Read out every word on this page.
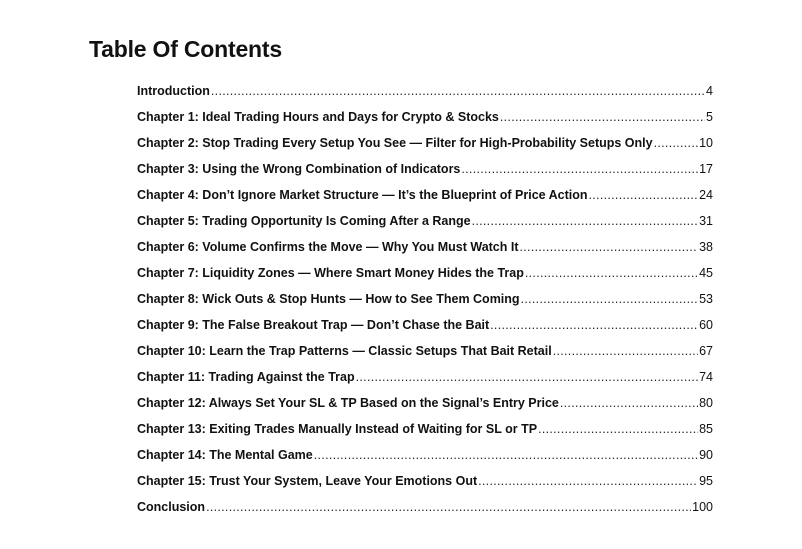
Table Of Contents
Introduction .....	4
Chapter 1: Ideal Trading Hours and Days for Crypto & Stocks .....	5
Chapter 2: Stop Trading Every Setup You See — Filter for High-Probability Setups Only .....	10
Chapter 3: Using the Wrong Combination of Indicators .....	17
Chapter 4: Don’t Ignore Market Structure — It’s the Blueprint of Price Action .....	24
Chapter 5: Trading Opportunity Is Coming After a Range .....	31
Chapter 6: Volume Confirms the Move — Why You Must Watch It .....	38
Chapter 7: Liquidity Zones — Where Smart Money Hides the Trap .....	45
Chapter 8: Wick Outs & Stop Hunts — How to See Them Coming .....	53
Chapter 9: The False Breakout Trap — Don’t Chase the Bait .....	60
Chapter 10: Learn the Trap Patterns — Classic Setups That Bait Retail .....	67
Chapter 11: Trading Against the Trap .....	74
Chapter 12: Always Set Your SL & TP Based on the Signal’s Entry Price .....	80
Chapter 13: Exiting Trades Manually Instead of Waiting for SL or TP .....	85
Chapter 14: The Mental Game .....	90
Chapter 15: Trust Your System, Leave Your Emotions Out .....	95
Conclusion .....	100
